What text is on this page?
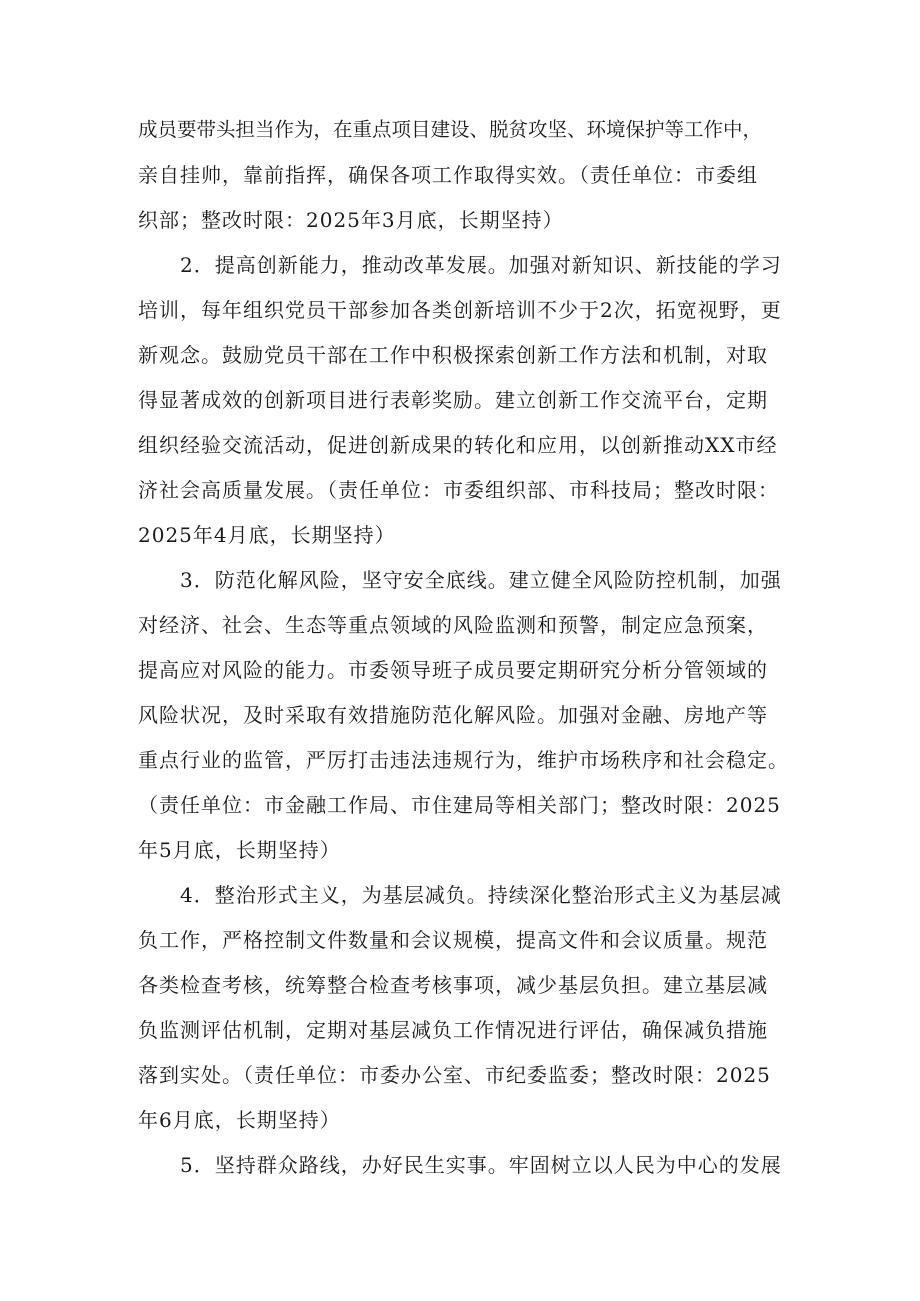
成员要带头担当作为，在重点项目建设、脱贫攻坚、环境保护等工作中，
亲自挂帅，靠前指挥，确保各项工作取得实效。（责任单位：市委组
织部；整改时限：2025年3月底，长期坚持）
2．提高创新能力，推动改革发展。加强对新知识、新技能的学习
培训，每年组织党员干部参加各类创新培训不少于2次，拓宽视野，更
新观念。鼓励党员干部在工作中积极探索创新工作方法和机制，对取
得显著成效的创新项目进行表彰奖励。建立创新工作交流平台，定期
组织经验交流活动，促进创新成果的转化和应用，以创新推动XX市经
济社会高质量发展。（责任单位：市委组织部、市科技局；整改时限：
2025年4月底，长期坚持）
3．防范化解风险，坚守安全底线。建立健全风险防控机制，加强
对经济、社会、生态等重点领域的风险监测和预警，制定应急预案，
提高应对风险的能力。市委领导班子成员要定期研究分析分管领域的
风险状况，及时采取有效措施防范化解风险。加强对金融、房地产等
重点行业的监管，严厉打击违法违规行为，维护市场秩序和社会稳定。
（责任单位：市金融工作局、市住建局等相关部门；整改时限：2025
年5月底，长期坚持）
4．整治形式主义，为基层减负。持续深化整治形式主义为基层减
负工作，严格控制文件数量和会议规模，提高文件和会议质量。规范
各类检查考核，统筹整合检查考核事项，减少基层负担。建立基层减
负监测评估机制，定期对基层减负工作情况进行评估，确保减负措施
落到实处。（责任单位：市委办公室、市纪委监委；整改时限：2025
年6月底，长期坚持）
5．坚持群众路线，办好民生实事。牢固树立以人民为中心的发展
